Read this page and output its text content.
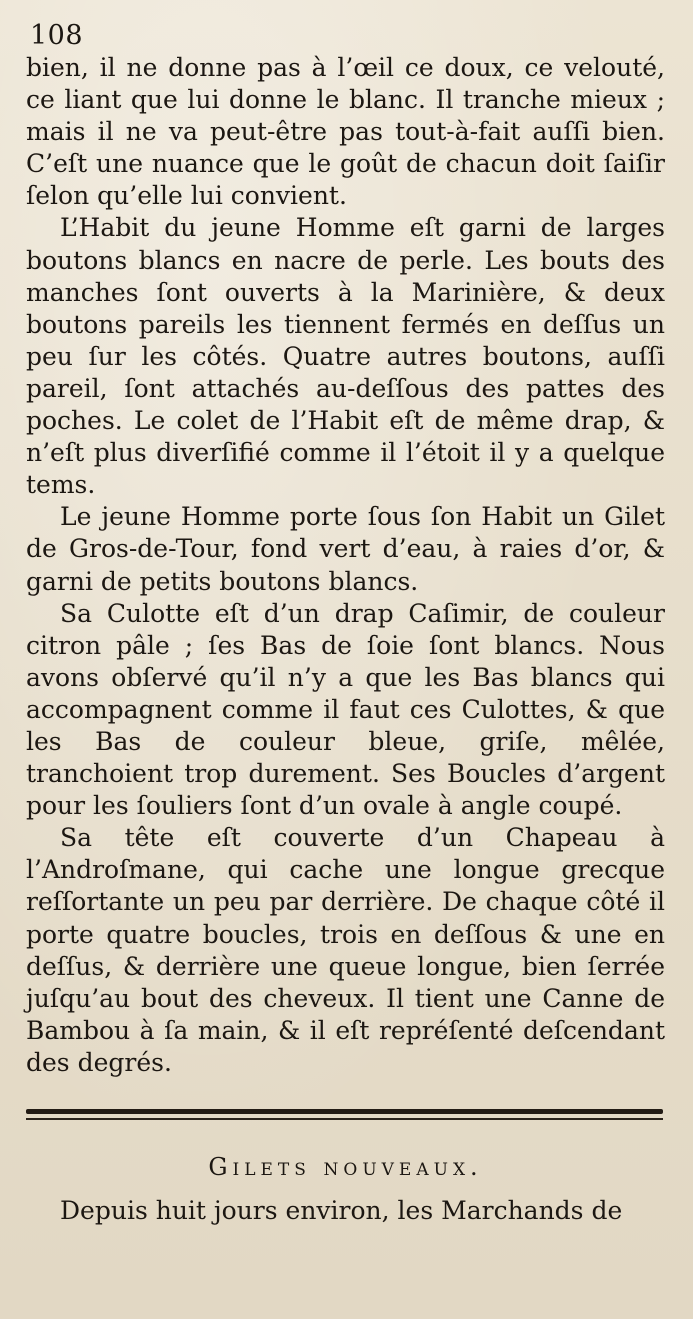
108

bien, il ne donne pas à l’œil ce doux, ce velouté, ce liant que lui donne le blanc. Il tranche mieux ; mais il ne va peut-être pas tout-à-fait auſſi bien. C’eſt une nuance que le goût de chacun doit ſaiſir ſelon qu’elle lui convient.

L’Habit du jeune Homme eſt garni de larges boutons blancs en nacre de perle. Les bouts des manches ſont ouverts à la Marinière, & deux boutons pareils les tiennent fermés en deſſus un peu ſur les côtés. Quatre autres boutons, auſſi pareil, ſont attachés au-deſſous des pattes des poches. Le colet de l’Habit eſt de même drap, & n’eſt plus diverſifié comme il l’étoit il y a quelque tems.

Le jeune Homme porte ſous ſon Habit un Gilet de Gros-de-Tour, fond vert d’eau, à raies d’or, & garni de petits boutons blancs.

Sa Culotte eſt d’un drap Caſimir, de couleur citron pâle ; ſes Bas de ſoie ſont blancs. Nous avons obſervé qu’il n’y a que les Bas blancs qui accompagnent comme il faut ces Culottes, & que les Bas de couleur bleue, griſe, mêlée, tranchoient trop durement. Ses Boucles d’argent pour les ſouliers ſont d’un ovale à angle coupé.

Sa tête eſt couverte d’un Chapeau à l’Androſmane, qui cache une longue grecque reſſortante un peu par derrière. De chaque côté il porte quatre boucles, trois en deſſous & une en deſſus, & derrière une queue longue, bien ſerrée juſqu’au bout des cheveux. Il tient une Canne de Bambou à ſa main, & il eſt repréſenté deſcendant des degrés.

Gilets nouveaux.

Depuis huit jours environ, les Marchands de
